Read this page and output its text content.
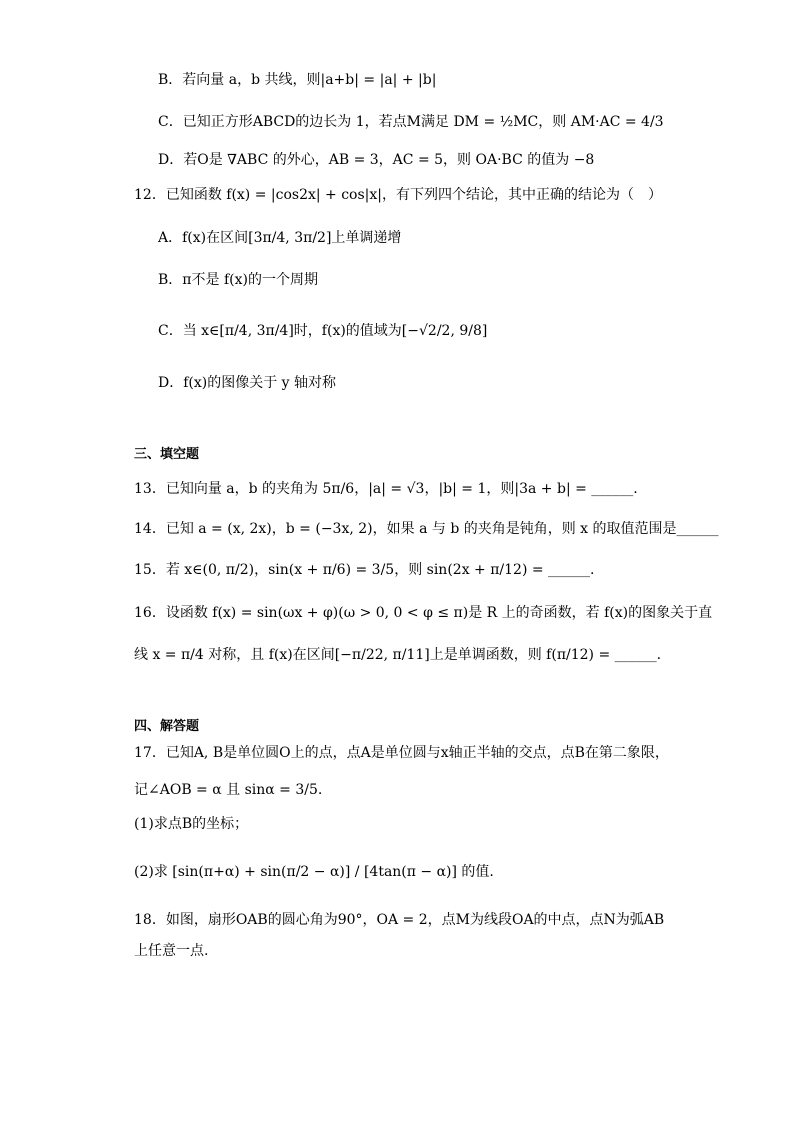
B．若向量 a，b 共线，则|a+b| = |a| + |b|
C．已知正方形ABCD的边长为 1，若点M满足 DM = ½MC，则 AM·AC = 4/3
D．若O是 ∇ABC 的外心，AB = 3，AC = 5，则 OA·BC 的值为 −8
12．已知函数 f(x) = |cos2x| + cos|x|，有下列四个结论，其中正确的结论为（　）
A．f(x)在区间[3π/4, 3π/2]上单调递增
B．π不是 f(x)的一个周期
C．当 x∈[π/4, 3π/4]时，f(x)的值域为[−√2/2, 9/8]
D．f(x)的图像关于 y 轴对称
三、填空题
13．已知向量 a，b 的夹角为 5π/6，|a| = √3，|b| = 1，则|3a + b| = ______.
14．已知 a = (x, 2x)，b = (−3x, 2)，如果 a 与 b 的夹角是钝角，则 x 的取值范围是______
15．若 x∈(0, π/2)，sin(x + π/6) = 3/5，则 sin(2x + π/12) = ______.
16．设函数 f(x) = sin(ωx + φ)(ω > 0, 0 < φ ≤ π)是 R 上的奇函数，若 f(x)的图象关于直
线 x = π/4 对称，且 f(x)在区间[−π/22, π/11]上是单调函数，则 f(π/12) = ______.
四、解答题
17．已知A, B是单位圆O上的点，点A是单位圆与x轴正半轴的交点，点B在第二象限，
记∠AOB = α 且 sinα = 3/5.
(1)求点B的坐标；
(2)求 [sin(π+α) + sin(π/2 − α)] / [4tan(π − α)] 的值.
18．如图，扇形OAB的圆心角为90°，OA = 2，点M为线段OA的中点，点N为弧AB
上任意一点.
